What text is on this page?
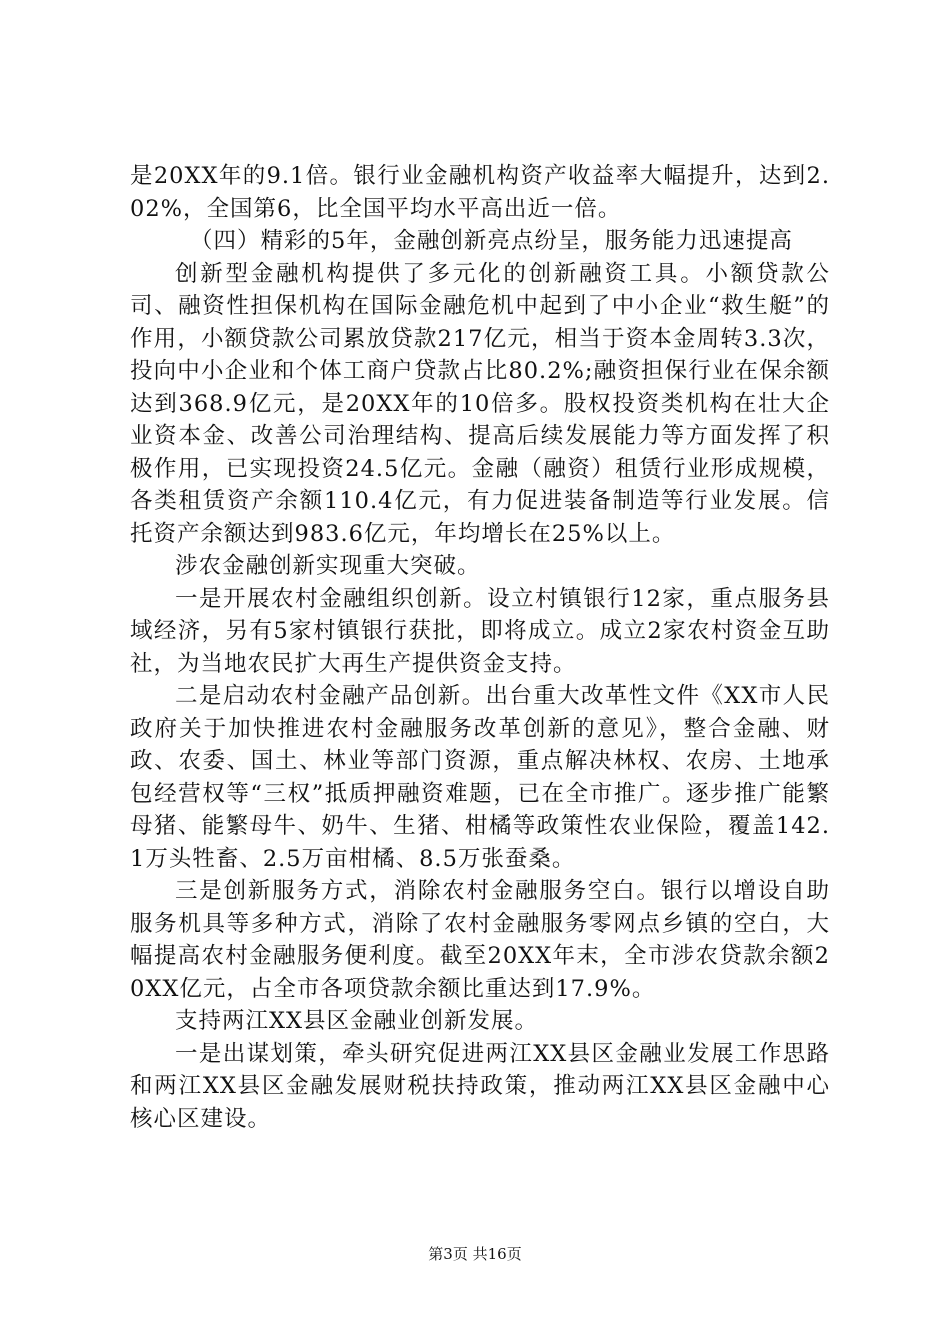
是20XX年的9.1倍。银行业金融机构资产收益率大幅提升，达到2.02%，全国第6，比全国平均水平高出近一倍。

（四）精彩的5年，金融创新亮点纷呈，服务能力迅速提高

创新型金融机构提供了多元化的创新融资工具。小额贷款公司、融资性担保机构在国际金融危机中起到了中小企业“救生艇”的作用，小额贷款公司累放贷款217亿元，相当于资本金周转3.3次，投向中小企业和个体工商户贷款占比80.2%;融资担保行业在保余额达到368.9亿元，是20XX年的10倍多。股权投资类机构在壮大企业资本金、改善公司治理结构、提高后续发展能力等方面发挥了积极作用，已实现投资24.5亿元。金融（融资）租赁行业形成规模，各类租赁资产余额110.4亿元，有力促进装备制造等行业发展。信托资产余额达到983.6亿元，年均增长在25%以上。

涉农金融创新实现重大突破。

一是开展农村金融组织创新。设立村镇银行12家，重点服务县域经济，另有5家村镇银行获批，即将成立。成立2家农村资金互助社，为当地农民扩大再生产提供资金支持。

二是启动农村金融产品创新。出台重大改革性文件《XX市人民政府关于加快推进农村金融服务改革创新的意见》，整合金融、财政、农委、国土、林业等部门资源，重点解决林权、农房、土地承包经营权等“三权”抵质押融资难题，已在全市推广。逐步推广能繁母猪、能繁母牛、奶牛、生猪、柑橘等政策性农业保险，覆盖142.1万头牲畜、2.5万亩柑橘、8.5万张蚕桑。

三是创新服务方式，消除农村金融服务空白。银行以增设自助服务机具等多种方式，消除了农村金融服务零网点乡镇的空白，大幅提高农村金融服务便利度。截至20XX年末，全市涉农贷款余额20XX亿元，占全市各项贷款余额比重达到17.9%。

支持两江XX县区金融业创新发展。

一是出谋划策，牵头研究促进两江XX县区金融业发展工作思路和两江XX县区金融发展财税扶持政策，推动两江XX县区金融中心核心区建设。

第3页 共16页
